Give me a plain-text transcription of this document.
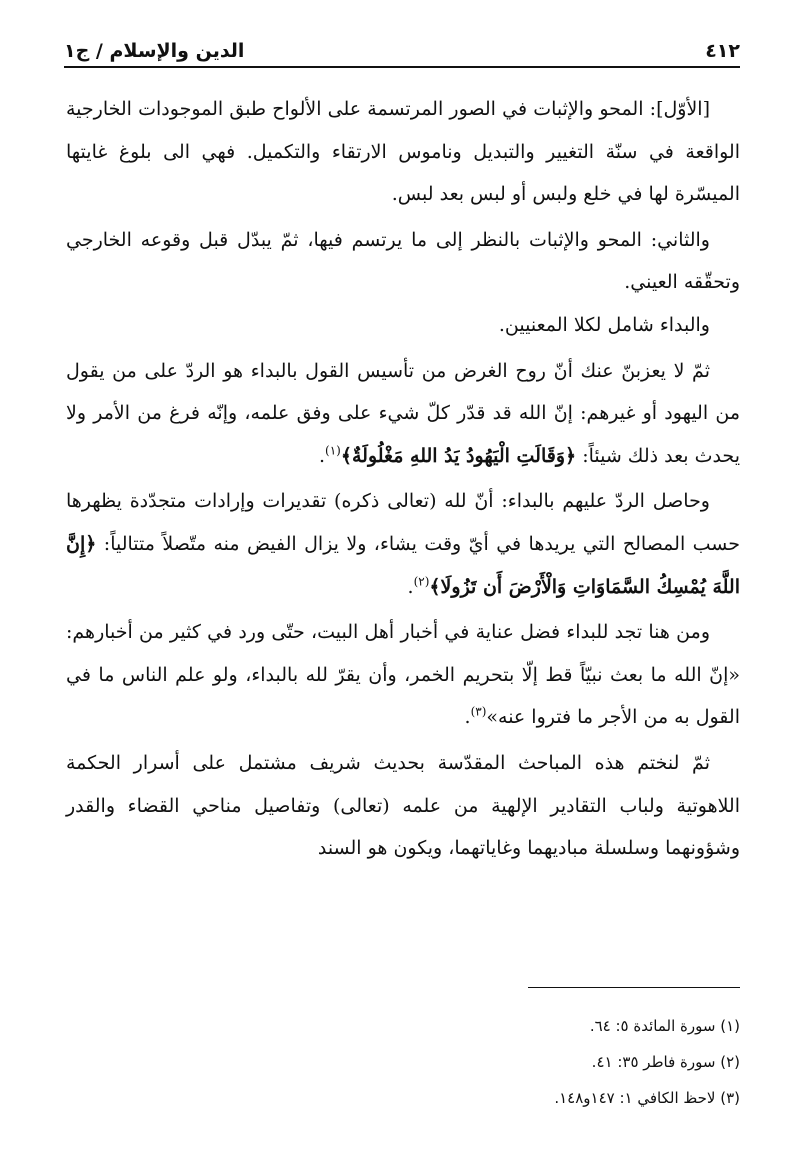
٤١٢
الدين والإسلام / ج١

[الأوّل]: المحو والإثبات في الصور المرتسمة على الألواح طبق الموجودات الخارجية الواقعة في سنّة التغيير والتبديل وناموس الارتقاء والتكميل. فهي الى بلوغ غايتها الميسّرة لها في خلع ولبس أو لبس بعد لبس.

والثاني: المحو والإثبات بالنظر إلى ما يرتسم فيها، ثمّ يبدّل قبل وقوعه الخارجي وتحقّقه العيني.

والبداء شامل لكلا المعنيين.

ثمّ لا يعزبنّ عنك أنّ روح الغرض من تأسيس القول بالبداء هو الردّ على من يقول من اليهود أو غيرهم: إنّ الله قد قدّر كلّ شيء على وفق علمه، وإنّه فرغ من الأمر ولا يحدث بعد ذلك شيئاً: ﴿وَقَالَتِ الْيَهُودُ يَدُ اللهِ مَغْلُولَةٌ﴾$^{(١)}$.

وحاصل الردّ عليهم بالبداء: أنّ لله (تعالى ذكره) تقديرات وإرادات متجدّدة يظهرها حسب المصالح التي يريدها في أيّ وقت يشاء، ولا يزال الفيض منه متّصلاً متتالياً: ﴿إِنَّ اللَّهَ يُمْسِكُ السَّمَاوَاتِ وَالْأَرْضَ أَن تَزُولَا﴾$^{(٢)}$.

ومن هنا تجد للبداء فضل عناية في أخبار أهل البيت، حتّى ورد في كثير من أخبارهم: «إنّ الله ما بعث نبيّاً قط إلّا بتحريم الخمر، وأن يقرّ لله بالبداء، ولو علم الناس ما في القول به من الأجر ما فتروا عنه»$^{(٣)}$.

ثمّ لنختم هذه المباحث المقدّسة بحديث شريف مشتمل على أسرار الحكمة اللاهوتية ولباب التقادير الإلهية من علمه (تعالى) وتفاصيل مناحي القضاء والقدر وشؤونهما وسلسلة مباديهما وغاياتهما، ويكون هو السند

(١) سورة المائدة ٥: ٦٤.
(٢) سورة فاطر ٣٥: ٤١.
(٣) لاحظ الكافي ١: ١٤٧و١٤٨.
